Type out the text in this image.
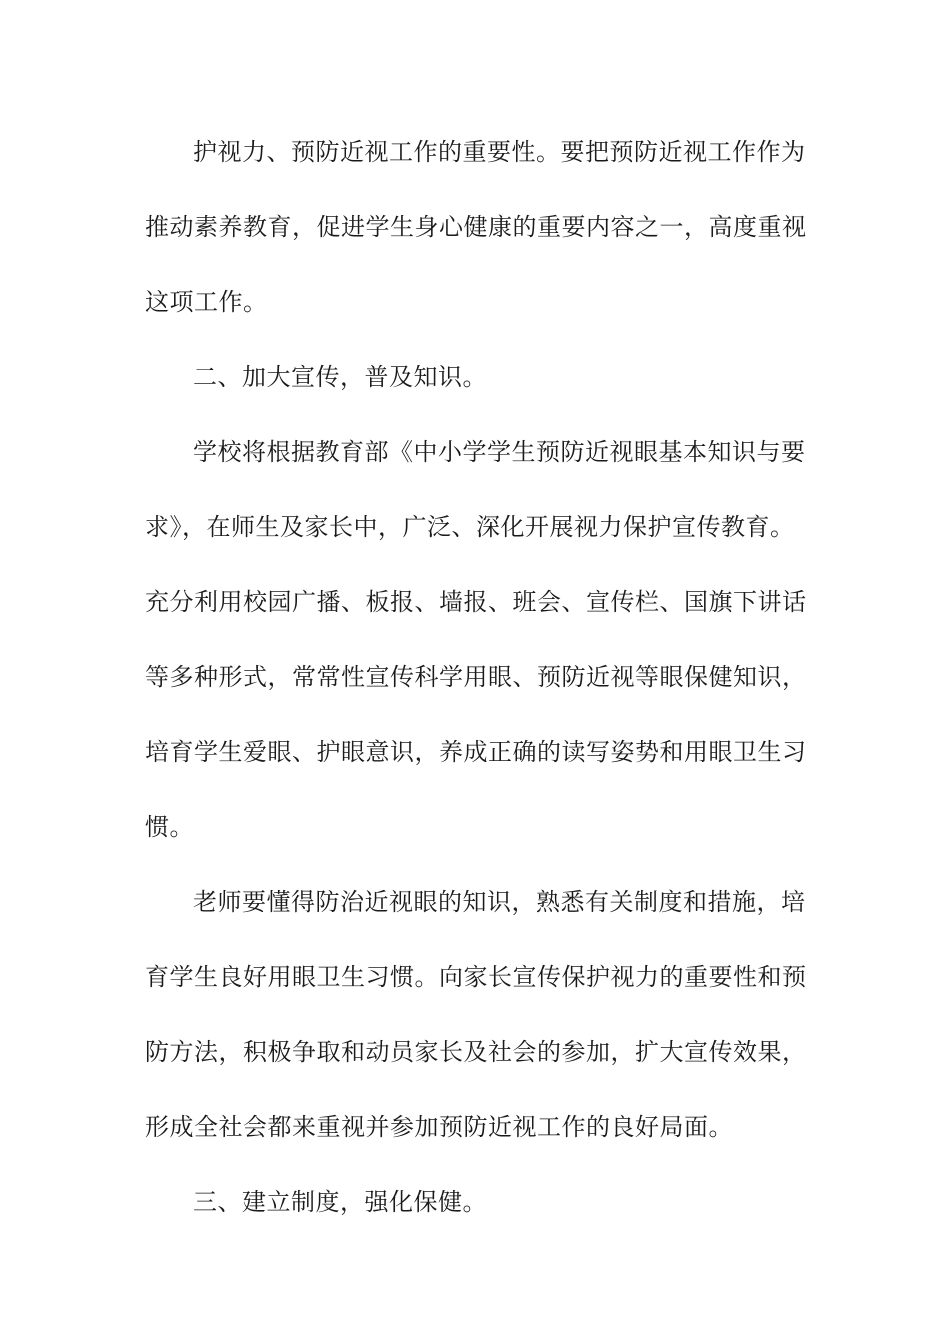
护视力、预防近视工作的重要性。要把预防近视工作作为
推动素养教育，促进学生身心健康的重要内容之一，高度重视
这项工作。
二、加大宣传，普及知识。
学校将根据教育部《中小学学生预防近视眼基本知识与要
求》，在师生及家长中，广泛、深化开展视力保护宣传教育。
充分利用校园广播、板报、墙报、班会、宣传栏、国旗下讲话
等多种形式，常常性宣传科学用眼、预防近视等眼保健知识，
培育学生爱眼、护眼意识，养成正确的读写姿势和用眼卫生习
惯。
老师要懂得防治近视眼的知识，熟悉有关制度和措施，培
育学生良好用眼卫生习惯。向家长宣传保护视力的重要性和预
防方法，积极争取和动员家长及社会的参加，扩大宣传效果，
形成全社会都来重视并参加预防近视工作的良好局面。
三、建立制度，强化保健。
